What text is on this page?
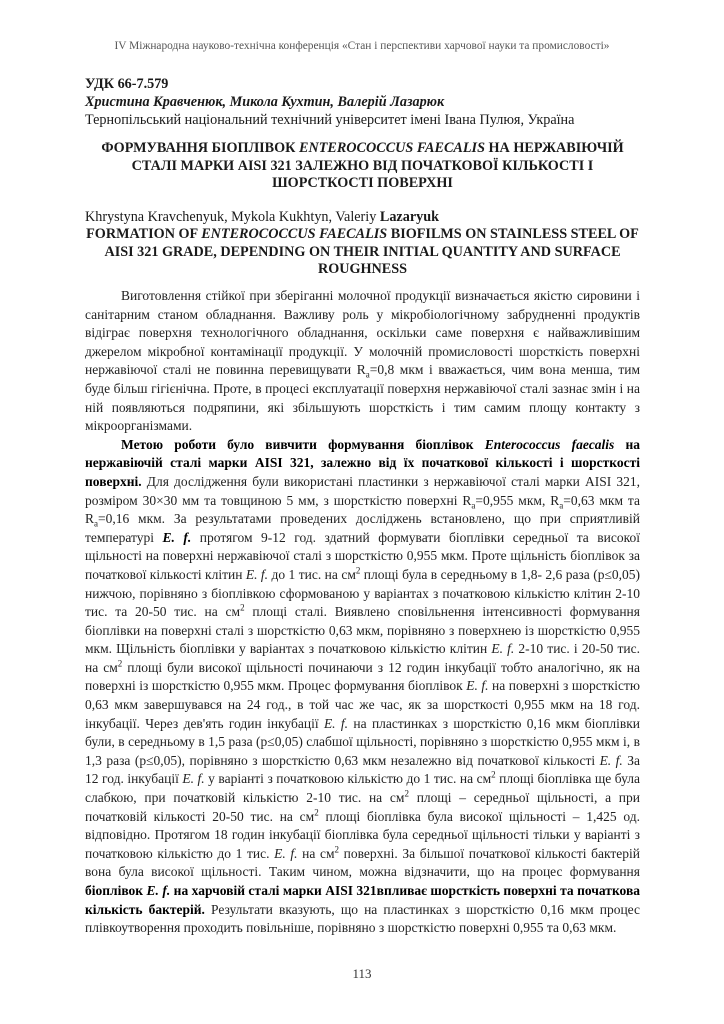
IV Міжнародна науково-технічна конференція «Стан і перспективи харчової науки та промисловості»
УДК 66-7.579
Христина Кравченюк, Микола Кухтин, Валерій Лазарюк
Тернопільський національний технічний університет імені Івана Пулюя, Україна
ФОРМУВАННЯ БІОПЛІВОК ENTEROCOCCUS FAECALIS НА НЕРЖАВІЮЧІЙ СТАЛІ МАРКИ AISI 321 ЗАЛЕЖНО ВІД ПОЧАТКОВОЇ КІЛЬКОСТІ І ШОРСТКОСТІ ПОВЕРХНІ
Khrystyna Kravchenyuk, Mykola Kukhtyn, Valeriy Lazaryuk
FORMATION OF ENTEROCOCCUS FAECALIS BIOFILMS ON STAINLESS STEEL OF AISI 321 GRADE, DEPENDING ON THEIR INITIAL QUANTITY AND SURFACE ROUGHNESS

Виготовлення стійкої при зберіганні молочної продукції визначається якістю сировини і санітарним станом обладнання. Важливу роль у мікробіологічному забрудненні продуктів відіграє поверхня технологічного обладнання, оскільки саме поверхня є найважливішим джерелом мікробної контамінації продукції. У молочній промисловості шорсткість поверхні нержавіючої сталі не повинна перевищувати $R_a=0,8$ мкм і вважається, чим вона менша, тим буде більш гігієнічна. Проте, в процесі експлуатації поверхня нержавіючої сталі зазнає змін і на ній появляються подряпини, які збільшують шорсткість і тим самим площу контакту з мікроорганізмами.

Метою роботи було вивчити формування біоплівок Enterococcus faecalis на нержавіючій сталі марки AISI 321, залежно від їх початкової кількості і шорсткості поверхні. Для дослідження були використані пластинки з нержавіючої сталі марки AISI 321, розміром 30×30 мм та товщиною 5 мм, з шорсткістю поверхні $R_a=0,955$ мкм, $R_a=0,63$ мкм та $R_a=0,16$ мкм. За результатами проведених досліджень встановлено, що при сприятливій температурі E. f. протягом 9-12 год. здатний формувати біоплівки середньої та високої щільності на поверхні нержавіючої сталі з шорсткістю 0,955 мкм. Проте щільність біоплівок за початкової кількості клітин E. f. до 1 тис. на $см^2$ площі була в середньому в 1,8- 2,6 раза (р≤0,05) нижчою, порівняно з біоплівкою сформованою у варіантах з початковою кількістю клітин 2-10 тис. та 20-50 тис. на $см^2$ площі сталі. Виявлено сповільнення інтенсивності формування біоплівки на поверхні сталі з шорсткістю 0,63 мкм, порівняно з поверхнею із шорсткістю 0,955 мкм. Щільність біоплівки у варіантах з початковою кількістю клітин E. f. 2-10 тис. і 20-50 тис. на $см^2$ площі були високої щільності починаючи з 12 годин інкубації тобто аналогічно, як на поверхні із шорсткістю 0,955 мкм. Процес формування біоплівок E. f. на поверхні з шорсткістю 0,63 мкм завершувався на 24 год., в той час же час, як за шорсткості 0,955 мкм на 18 год. інкубації. Через дев'ять годин інкубації E. f. на пластинках з шорсткістю 0,16 мкм біоплівки були, в середньому в 1,5 раза (р≤0,05) слабшої щільності, порівняно з шорсткістю 0,955 мкм і, в 1,3 раза (р≤0,05), порівняно з шорсткістю 0,63 мкм незалежно від початкової кількості E. f. За 12 год. інкубації E. f. у варіанті з початковою кількістю до 1 тис. на $см^2$ площі біоплівка ще була слабкою, при початковій кількістю 2-10 тис. на $см^2$ площі – середньої щільності, а при початковій кількості 20-50 тис. на $см^2$ площі біоплівка була високої щільності – 1,425 од. відповідно. Протягом 18 годин інкубації біоплівка була середньої щільності тільки у варіанті з початковою кількістю до 1 тис. E. f. на $см^2$ поверхні. За більшої початкової кількості бактерій вона була високої щільності. Таким чином, можна відзначити, що на процес формування біоплівок E. f. на харчовій сталі марки AISI 321впливає шорсткість поверхні та початкова кількість бактерій. Результати вказують, що на пластинках з шорсткістю 0,16 мкм процес плівкоутворення проходить повільніше, порівняно з шорсткістю поверхні 0,955 та 0,63 мкм.

113
